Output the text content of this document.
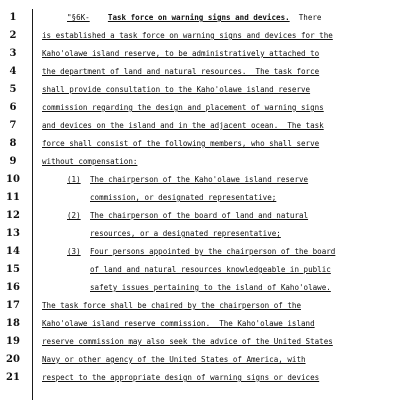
1
2
3
4
5
6
7
8
9
10
11
12
13
14
15
16
17
18
19
20
21
"§6K- Task force on warning signs and devices. There
is established a task force on warning signs and devices for the
Kaho'olawe island reserve, to be administratively attached to
the department of land and natural resources.  The task force
shall provide consultation to the Kaho'olawe island reserve
commission regarding the design and placement of warning signs
and devices on the island and in the adjacent ocean.  The task
force shall consist of the following members, who shall serve
without compensation:
(1) The chairperson of the Kaho'olawe island reserve
commission, or designated representative;
(2) The chairperson of the board of land and natural
resources, or a designated representative;
(3) Four persons appointed by the chairperson of the board
of land and natural resources knowledgeable in public
safety issues pertaining to the island of Kaho'olawe.
The task force shall be chaired by the chairperson of the
Kaho'olawe island reserve commission.  The Kaho'olawe island
reserve commission may also seek the advice of the United States
Navy or other agency of the United States of America, with
respect to the appropriate design of warning signs or devices
